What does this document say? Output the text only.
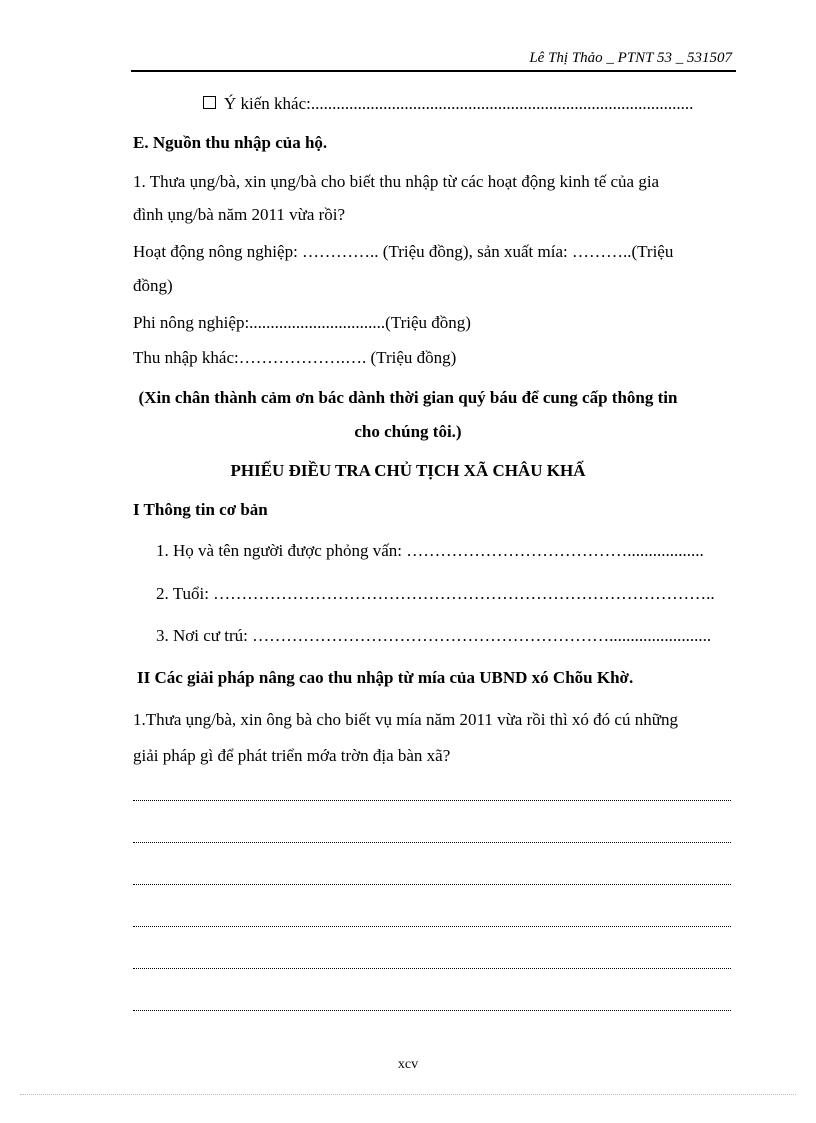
Lê Thị Thảo _ PTNT 53 _ 531507
Ý kiến khác:..........................................................................................
E. Nguồn thu nhập của hộ.
1. Thưa ụng/bà, xin ụng/bà cho biết thu nhập từ các hoạt động kinh tế của gia
đình ụng/bà năm 2011 vừa rồi?
Hoạt động nông nghiệp: ………….. (Triệu đồng), sản xuất mía: ………..(Triệu
đồng)
Phi nông nghiệp:................................(Triệu đồng)
Thu nhập khác:……………….…. (Triệu đồng)
(Xin chân thành cảm ơn bác dành thời gian quý báu để cung cấp thông tin
cho chúng tôi.)
PHIẾU ĐIỀU TRA CHỦ TỊCH XÃ CHÂU KHẤ
I Thông tin cơ bản
1. Họ và tên người được phỏng vấn: …………………………………..................
2. Tuổi: ……………………………………………………………………………..
3. Nơi cư trú: ………………………………………………………........................
II Các giải pháp nâng cao thu nhập từ mía của UBND xó Chõu Khờ.
1.Thưa ụng/bà, xin ông bà cho biết vụ mía năm 2011 vừa rồi thì xó đó cú những
giải pháp gì để phát triển mớa trờn địa bàn xã?
xcv
